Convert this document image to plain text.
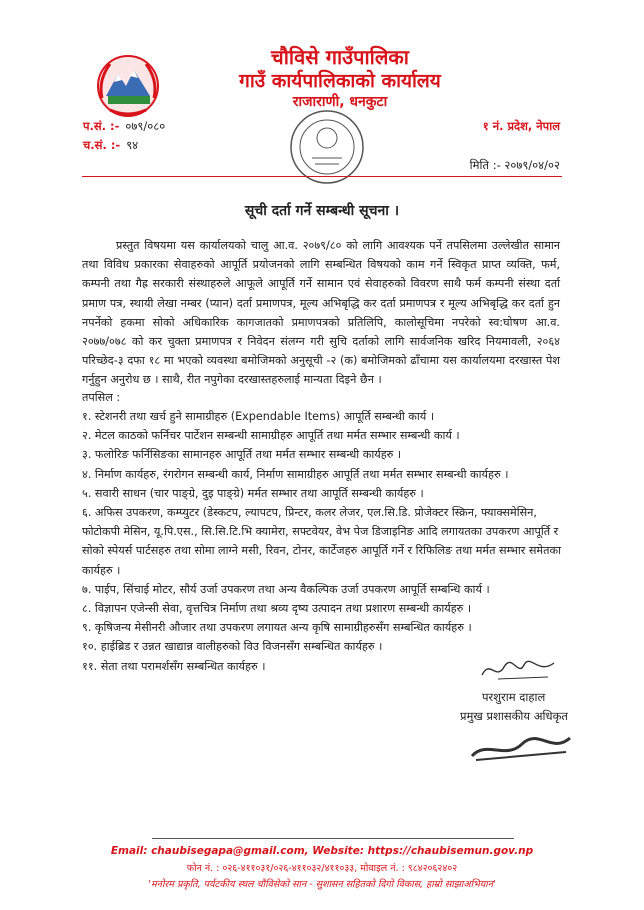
चौविसे गाउँपालिका
गाउँ कार्यपालिकाको कार्यालय
राजाराणी, धनकुटा
प.सं. :- ०७९/०८०
च.सं. :- ९४
१ नं. प्रदेश, नेपाल
मिति :- २०७९/०४/०२
सूची दर्ता गर्ने सम्बन्धी सूचना ।
प्रस्तुत विषयमा यस कार्यालयको चालु आ.व. २०७९/८० को लागि आवश्यक पर्ने तपसिलमा उल्लेखीत सामान तथा विविध प्रकारका सेवाहरुको आपूर्ति प्रयोजनको लागि सम्बन्धित विषयको काम गर्ने स्विकृत प्राप्त व्यक्ति, फर्म, कम्पनी तथा गैह्र सरकारी संस्थाहरुले आफूले आपूर्ति गर्ने सामान एवं सेवाहरुको विवरण साथै फर्म कम्पनी संस्था दर्ता प्रमाण पत्र, स्थायी लेखा नम्बर (प्यान) दर्ता प्रमाणपत्र, मूल्य अभिबृद्धि कर दर्ता प्रमाणपत्र र मूल्य अभिबृद्धि कर दर्ता हुन नपर्नेको हकमा सोको अधिकारिक कागजातको प्रमाणपत्रको प्रतिलिपि, कालोसूचिमा नपरेको स्व:घोषण आ.व. २०७७/०७८ को कर चुक्ता प्रमाणपत्र र निवेदन संलग्न गरी सुचि दर्ताको लागि सार्वजनिक खरिद नियमावली, २०६४ परिच्छेद-३ दफा १८ मा भएको व्यवस्था बमोजिमको अनुसूची -२ (क) बमोजिमको ढाँचामा यस कार्यालयमा दरखास्त पेश गर्नुहुन अनुरोध छ । साथै, रीत नपुगेका दरखास्तहरुलाई मान्यता दिइने छैन ।
तपसिल :
१. स्टेशनरी तथा खर्च हुने सामाग्रीहरु (Expendable Items) आपूर्ति सम्बन्धी कार्य ।
२. मेटल काठको फर्निचर पार्टेशन सम्बन्धी सामाग्रीहरु आपूर्ति तथा मर्मत सम्भार सम्बन्धी कार्य ।
३. फलोरिङ फर्निसिङका सामानहरु आपूर्ति तथा मर्मत सम्भार सम्बन्धी कार्यहरु ।
४. निर्माण कार्यहरु, रंगरोगन सम्बन्धी कार्य, निर्माण सामाग्रीहरु आपूर्ति तथा मर्मत सम्भार सम्बन्धी कार्यहरु ।
५. सवारी साधन (चार पाङ्ग्रे, दुइ पाङ्ग्रे) मर्मत सम्भार तथा आपूर्ति सम्बन्धी कार्यहरु ।
६. अफिस उपकरण, कम्प्युटर (डेस्कटप, ल्यापटप, प्रिन्टर, कलर लेजर, एल.सि.डि. प्रोजेक्टर स्क्रिन, फ्याक्समेसिन, फोटोकपी मेसिन, यू.पि.एस., सि.सि.टि.भि क्यामेरा, सफ्टवेयर, वेभ पेज डिजाइनिङ आदि लगायतका उपकरण आपूर्ति र सोको स्पेयर्स पार्टसहरु तथा सोमा लाग्ने मसी, रिवन, टोनर, कार्टेजहरु आपूर्ति गर्ने र रिफिलिङ तथा मर्मत सम्भार समेतका कार्यहरु ।
७. पाईप, सिंचाई मोटर, सौर्य उर्जा उपकरण तथा अन्य वैकल्पिक उर्जा उपकरण आपूर्ति सम्बन्धि कार्य ।
८. विज्ञापन एजेन्सी सेवा, वृत्तचित्र निर्माण तथा श्रव्य दृष्य उत्पादन तथा प्रशारण सम्बन्धी कार्यहरु ।
९. कृषिजन्य मेसीनरी औजार तथा उपकरण लगायत अन्य कृषि सामाग्रीहरुसँग सम्बन्धित कार्यहरु ।
१०. हाईब्रिड र उन्नत खाद्यान्न वालीहरुको विउ विजनसँग सम्बन्धित कार्यहरु ।
११. सेता तथा परामर्शसँग सम्बन्धित कार्यहरु ।
परशुराम दाहाल
प्रमुख प्रशासकीय अधिकृत
Email: chaubisegapa@gmail.com, Website: https://chaubisemun.gov.np
फोन नं. : ०२६-४११०३१/०२६-४११०३२/४११०३३, मोवाइल नं. : ९८४२०६२४०२
'मनोरम प्रकृति, पर्यटकीय स्थल चौविसेको सान - सुशासन सहितको दिगो विकास, हाम्रो साझाअभियान'
